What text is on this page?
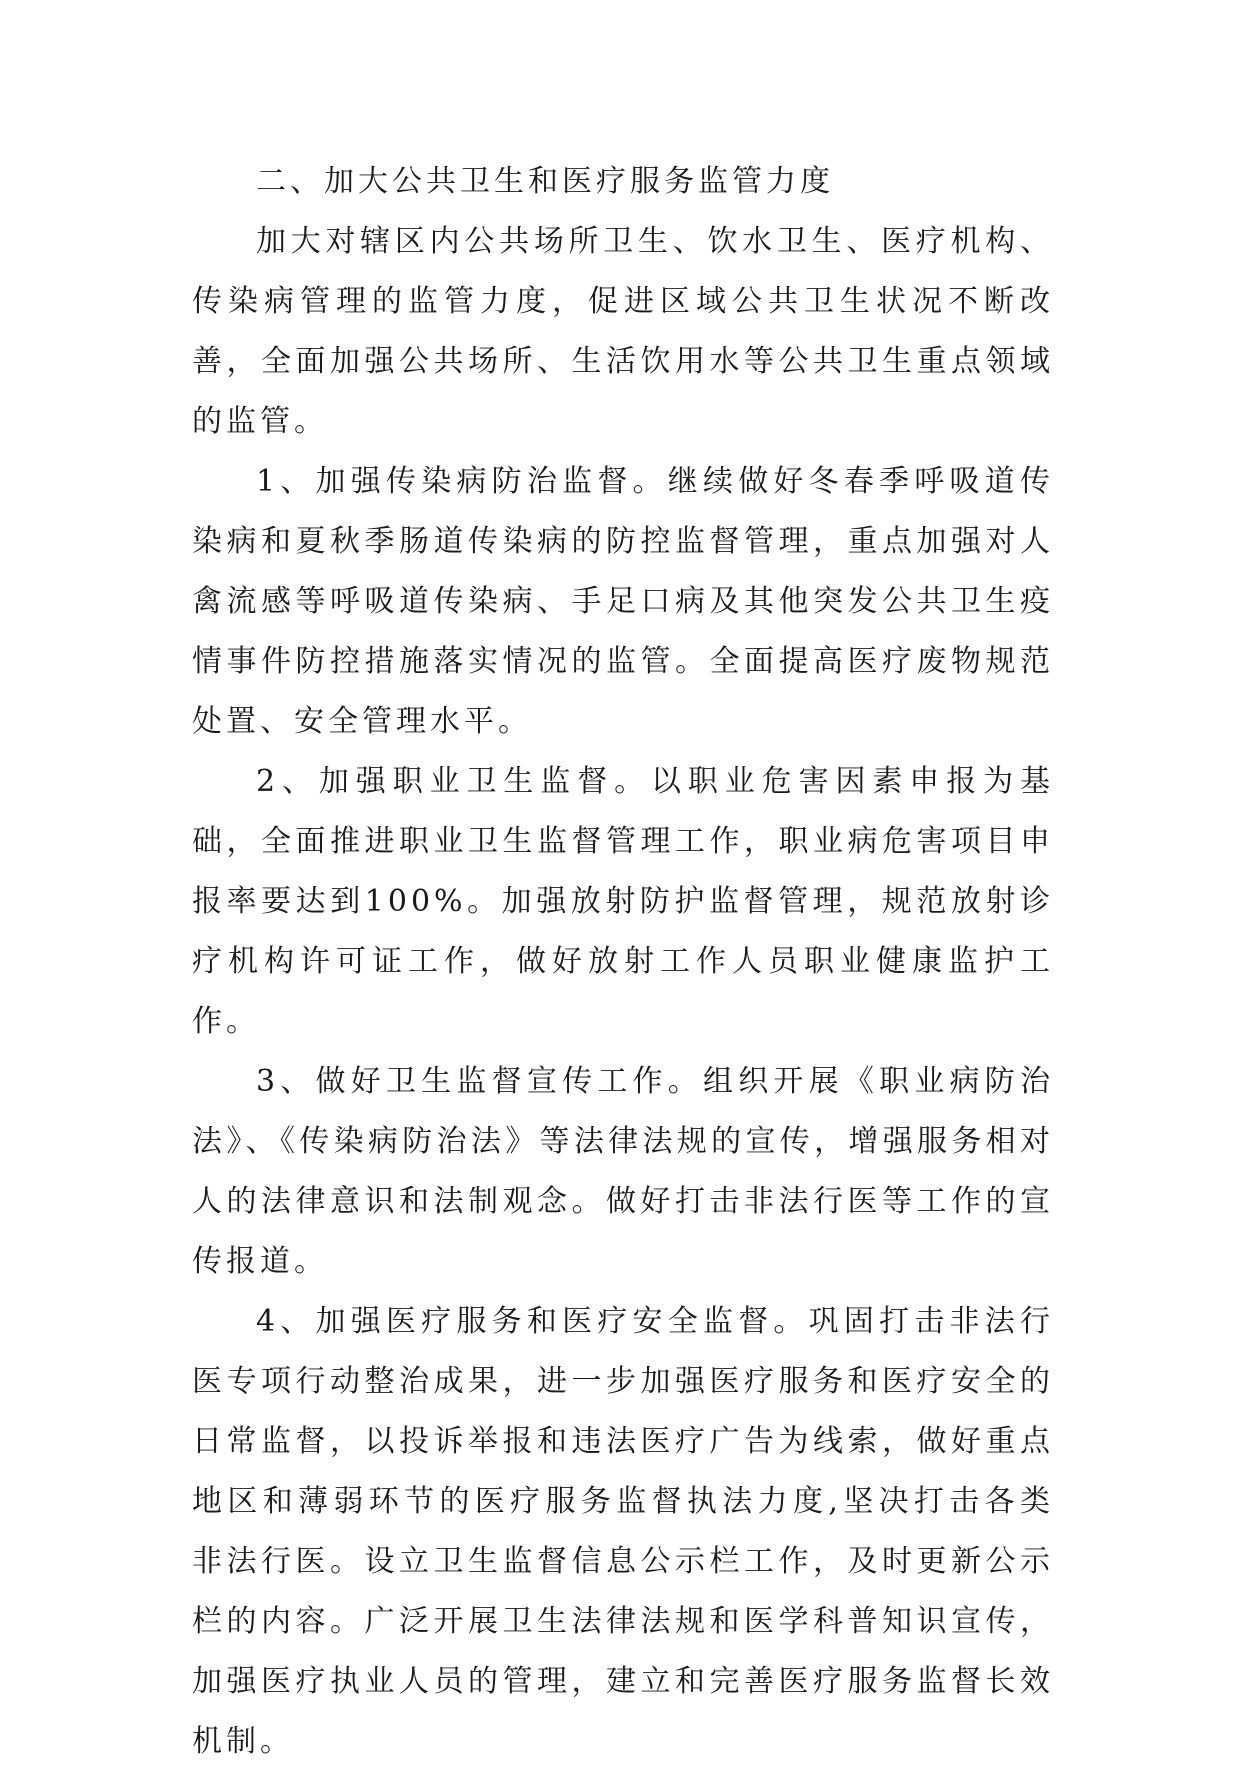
二、加大公共卫生和医疗服务监管力度

加大对辖区内公共场所卫生、饮水卫生、医疗机构、传染病管理的监管力度，促进区域公共卫生状况不断改善，全面加强公共场所、生活饮用水等公共卫生重点领域的监管。

1、加强传染病防治监督。继续做好冬春季呼吸道传染病和夏秋季肠道传染病的防控监督管理，重点加强对人禽流感等呼吸道传染病、手足口病及其他突发公共卫生疫情事件防控措施落实情况的监管。全面提高医疗废物规范处置、安全管理水平。

2、加强职业卫生监督。以职业危害因素申报为基础，全面推进职业卫生监督管理工作，职业病危害项目申报率要达到100%。加强放射防护监督管理，规范放射诊疗机构许可证工作，做好放射工作人员职业健康监护工作。

3、做好卫生监督宣传工作。组织开展《职业病防治法》、《传染病防治法》等法律法规的宣传，增强服务相对人的法律意识和法制观念。做好打击非法行医等工作的宣传报道。

4、加强医疗服务和医疗安全监督。巩固打击非法行医专项行动整治成果，进一步加强医疗服务和医疗安全的日常监督，以投诉举报和违法医疗广告为线索，做好重点地区和薄弱环节的医疗服务监督执法力度,坚决打击各类非法行医。设立卫生监督信息公示栏工作，及时更新公示栏的内容。广泛开展卫生法律法规和医学科普知识宣传，加强医疗执业人员的管理，建立和完善医疗服务监督长效机制。
